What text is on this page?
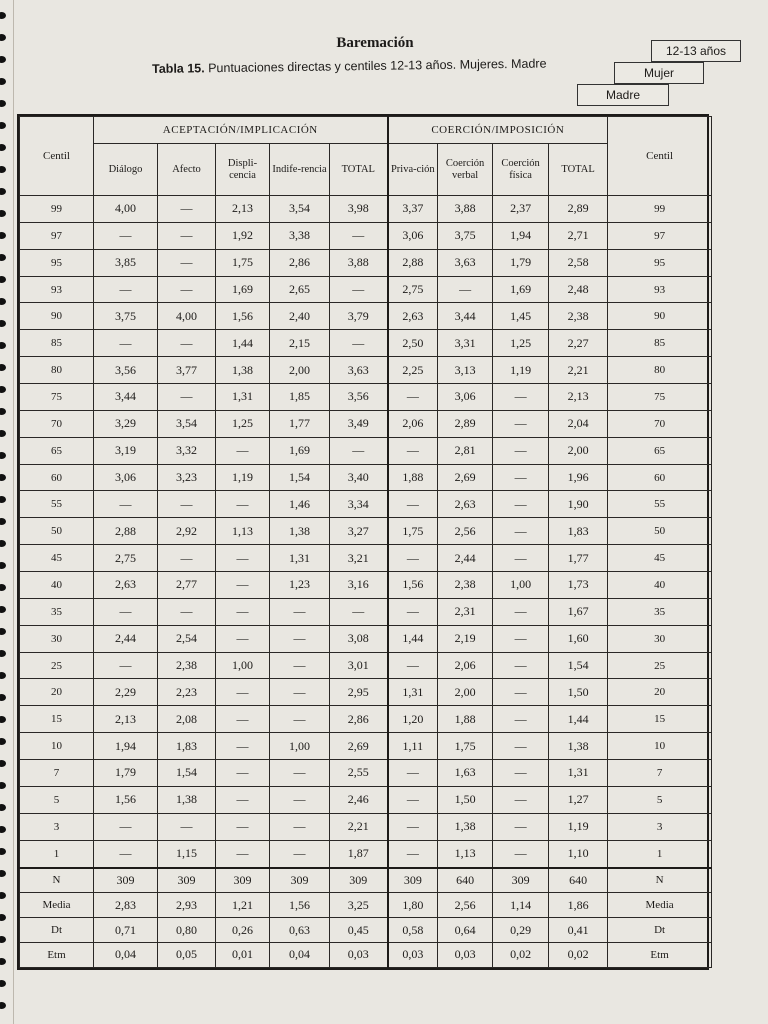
Baremación
Tabla 15. Puntuaciones directas y centiles 12-13 años. Mujeres. Madre
12-13 años
Mujer
Madre
Centil	ACEPTACIÓN/IMPLICACIÓN					COERCIÓN/IMPOSICIÓN				Centil
	Diálogo	Afecto	Displi-cencia	Indife-rencia	TOTAL	Priva-ción	Coerción verbal	Coerción física	TOTAL	
99	4,00	—	2,13	3,54	3,98	3,37	3,88	2,37	2,89	99
97	—	—	1,92	3,38	—	3,06	3,75	1,94	2,71	97
95	3,85	—	1,75	2,86	3,88	2,88	3,63	1,79	2,58	95
93	—	—	1,69	2,65	—	2,75	—	1,69	2,48	93
90	3,75	4,00	1,56	2,40	3,79	2,63	3,44	1,45	2,38	90
85	—	—	1,44	2,15	—	2,50	3,31	1,25	2,27	85
80	3,56	3,77	1,38	2,00	3,63	2,25	3,13	1,19	2,21	80
75	3,44	—	1,31	1,85	3,56	—	3,06	—	2,13	75
70	3,29	3,54	1,25	1,77	3,49	2,06	2,89	—	2,04	70
65	3,19	3,32	—	1,69	—	—	2,81	—	2,00	65
60	3,06	3,23	1,19	1,54	3,40	1,88	2,69	—	1,96	60
55	—	—	—	1,46	3,34	—	2,63	—	1,90	55
50	2,88	2,92	1,13	1,38	3,27	1,75	2,56	—	1,83	50
45	2,75	—	—	1,31	3,21	—	2,44	—	1,77	45
40	2,63	2,77	—	1,23	3,16	1,56	2,38	1,00	1,73	40
35	—	—	—	—	—	—	2,31	—	1,67	35
30	2,44	2,54	—	—	3,08	1,44	2,19	—	1,60	30
25	—	2,38	1,00	—	3,01	—	2,06	—	1,54	25
20	2,29	2,23	—	—	2,95	1,31	2,00	—	1,50	20
15	2,13	2,08	—	—	2,86	1,20	1,88	—	1,44	15
10	1,94	1,83	—	1,00	2,69	1,11	1,75	—	1,38	10
7	1,79	1,54	—	—	2,55	—	1,63	—	1,31	7
5	1,56	1,38	—	—	2,46	—	1,50	—	1,27	5
3	—	—	—	—	2,21	—	1,38	—	1,19	3
1	—	1,15	—	—	1,87	—	1,13	—	1,10	1
N	309	309	309	309	309	309	640	309	640	N
Media	2,83	2,93	1,21	1,56	3,25	1,80	2,56	1,14	1,86	Media
Dt	0,71	0,80	0,26	0,63	0,45	0,58	0,64	0,29	0,41	Dt
Etm	0,04	0,05	0,01	0,04	0,03	0,03	0,03	0,02	0,02	Etm
